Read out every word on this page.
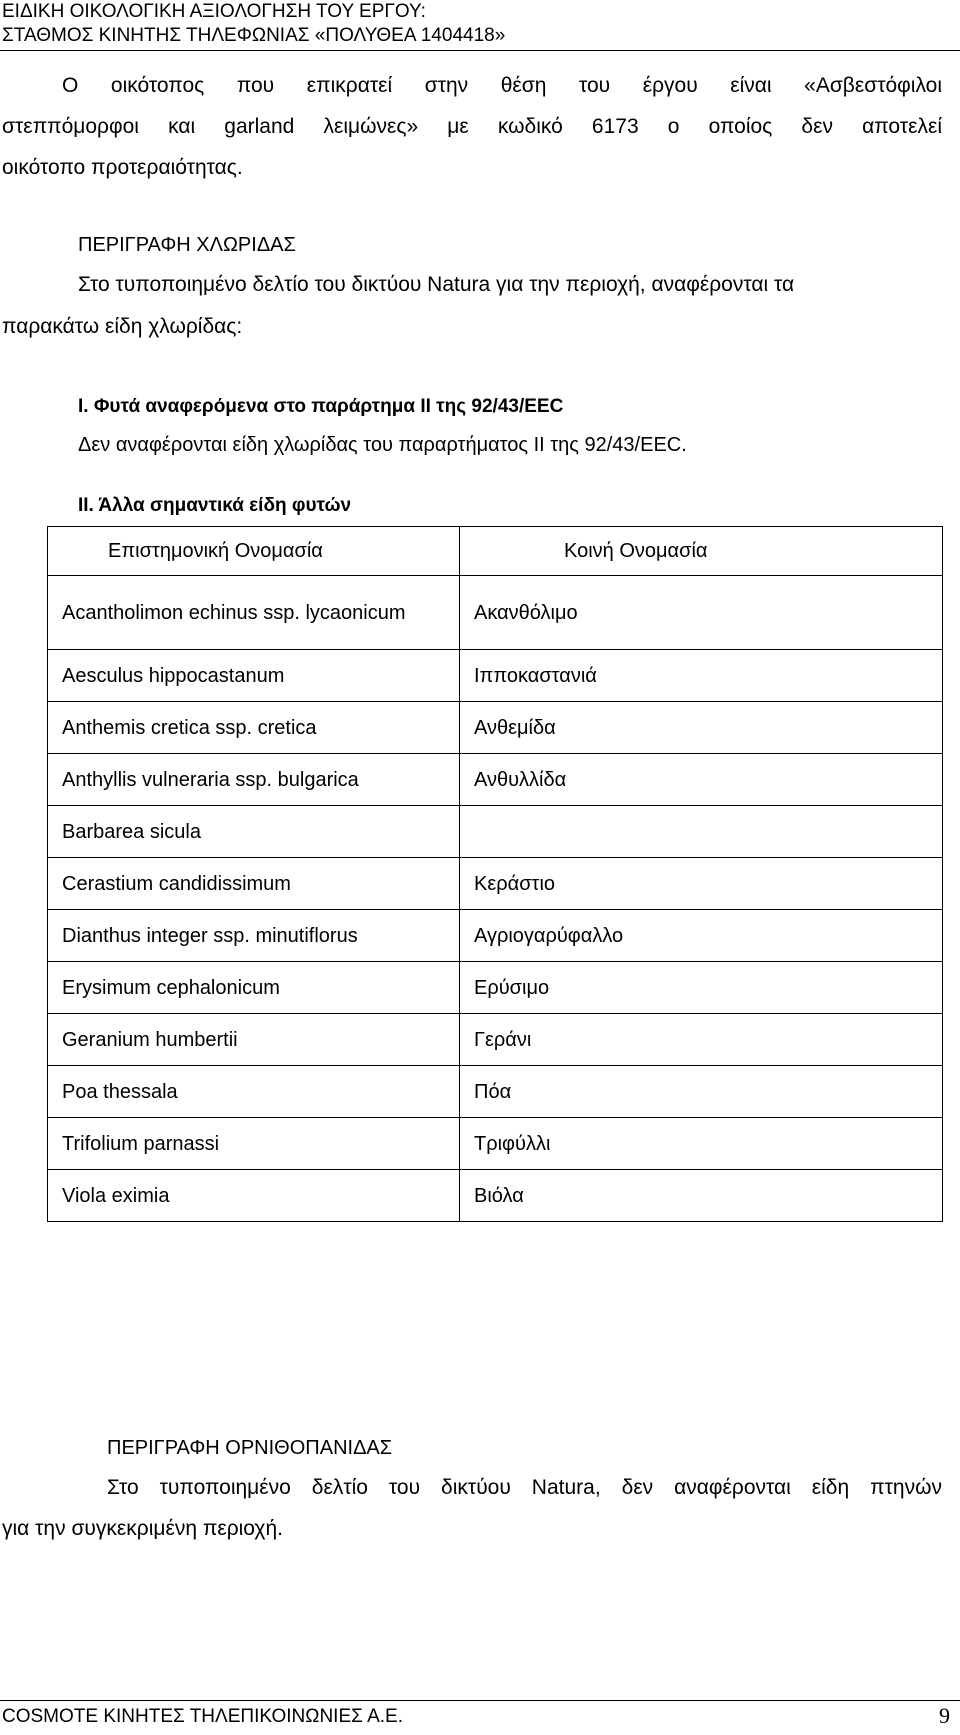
ΕΙΔΙΚΗ ΟΙΚΟΛΟΓΙΚΗ ΑΞΙΟΛΟΓΗΣΗ ΤΟΥ ΕΡΓΟΥ:
ΣΤΑΘΜΟΣ ΚΙΝΗΤΗΣ ΤΗΛΕΦΩΝΙΑΣ «ΠΟΛΥΘΕΑ 1404418»
Ο οικότοπος που επικρατεί στην θέση του έργου είναι «Ασβεστόφιλοι
στεππόμορφοι και garland λειμώνες» με κωδικό 6173 ο οποίος δεν αποτελεί
οικότοπο προτεραιότητας.
ΠΕΡΙΓΡΑΦΗ ΧΛΩΡΙΔΑΣ
Στο τυποποιημένο δελτίο του δικτύου Natura για την περιοχή, αναφέρονται τα
παρακάτω είδη χλωρίδας:
Ι. Φυτά αναφερόμενα στο παράρτημα ΙΙ της 92/43/ΕEC
Δεν αναφέρονται είδη χλωρίδας του παραρτήματος ΙΙ της 92/43/ΕEC.
ΙΙ. Άλλα σημαντικά είδη φυτών
Επιστημονική Ονομασία	Κοινή Ονομασία
Acantholimon echinus ssp. lycaonicum	Ακανθόλιμο
Aesculus hippocastanum	Ιπποκαστανιά
Anthemis cretica ssp. cretica	Ανθεμίδα
Anthyllis vulneraria ssp. bulgarica	Ανθυλλίδα
Barbarea sicula	
Cerastium candidissimum	Κεράστιο
Dianthus integer ssp. minutiflorus	Αγριογαρύφαλλο
Erysimum cephalonicum	Ερύσιμο
Geranium humbertii	Γεράνι
Poa thessala	Πόα
Trifolium parnassi	Τριφύλλι
Viola eximia	Βιόλα
ΠΕΡΙΓΡΑΦΗ ΟΡΝΙΘΟΠΑΝΙΔΑΣ
Στο τυποποιημένο δελτίο του δικτύου Natura, δεν αναφέρονται είδη πτηνών
για την συγκεκριμένη περιοχή.
COSMOTE ΚΙΝΗΤΕΣ ΤΗΛΕΠΙΚΟΙΝΩΝΙΕΣ Α.Ε.	9
